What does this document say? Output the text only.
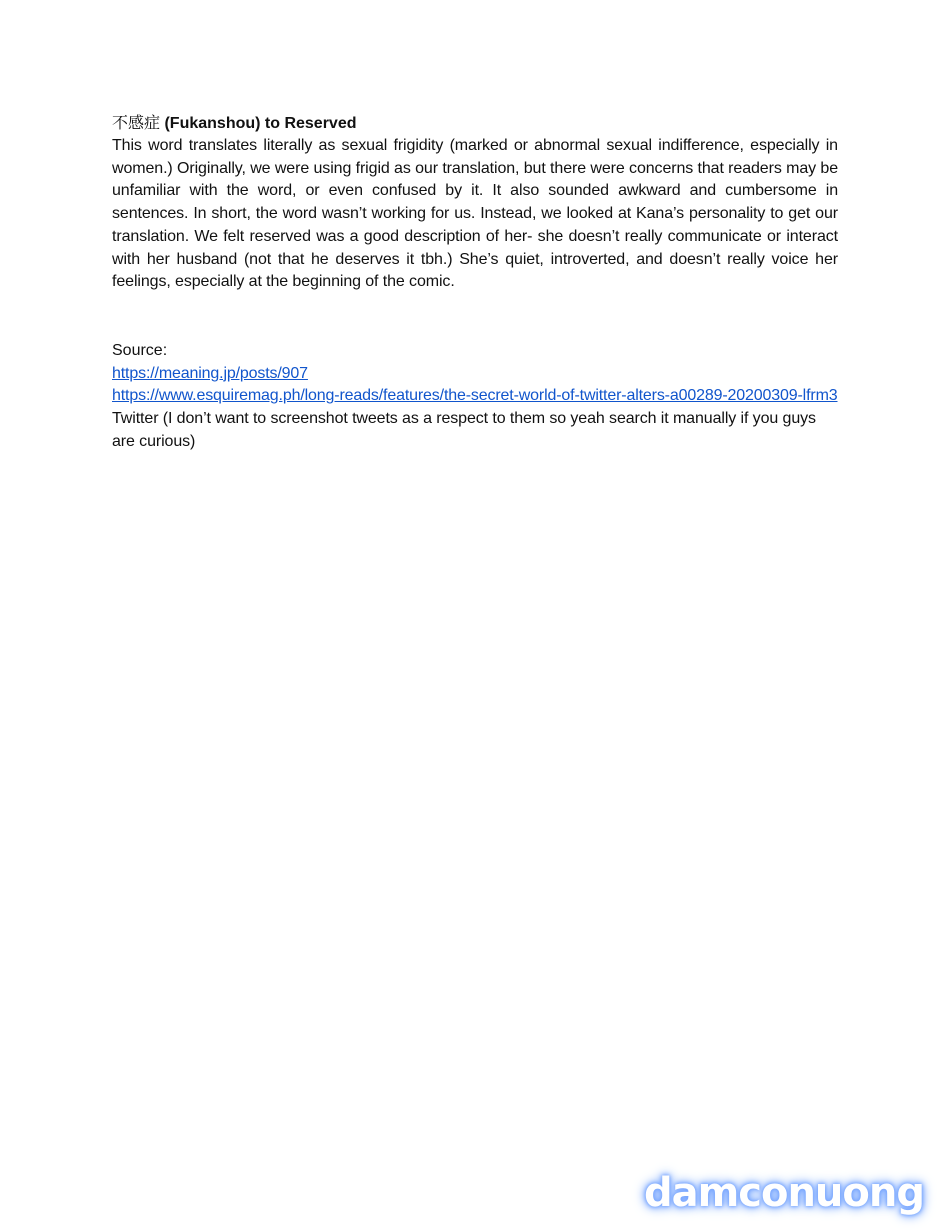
不感症 (Fukanshou) to Reserved

This word translates literally as sexual frigidity (marked or abnormal sexual indifference, especially in women.) Originally, we were using frigid as our translation, but there were concerns that readers may be unfamiliar with the word, or even confused by it. It also sounded awkward and cumbersome in sentences. In short, the word wasn’t working for us. Instead, we looked at Kana’s personality to get our translation. We felt reserved was a good description of her- she doesn’t really communicate or interact with her husband (not that he deserves it tbh.) She’s quiet, introverted, and doesn’t really voice her feelings, especially at the beginning of the comic.

Source:
https://meaning.jp/posts/907
https://www.esquiremag.ph/long-reads/features/the-secret-world-of-twitter-alters-a00289-20200309-lfrm3
Twitter (I don’t want to screenshot tweets as a respect to them so yeah search it manually if you guys are curious)
damconuong
